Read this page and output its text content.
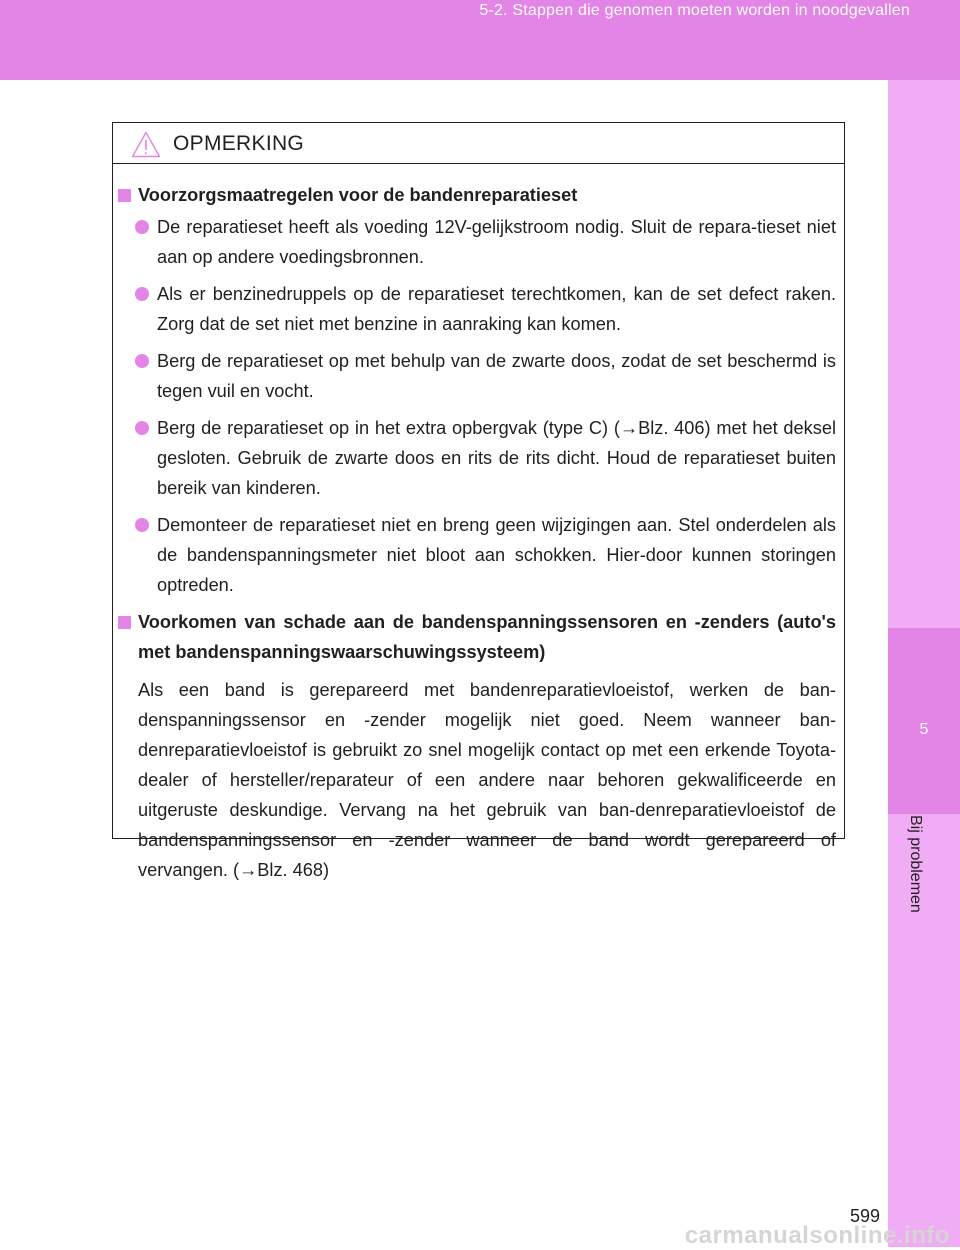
5-2. Stappen die genomen moeten worden in noodgevallen
5
Bij problemen
OPMERKING
Voorzorgsmaatregelen voor de bandenreparatieset
De reparatieset heeft als voeding 12V-gelijkstroom nodig. Sluit de repara-tieset niet aan op andere voedingsbronnen.
Als er benzinedruppels op de reparatieset terechtkomen, kan de set defect raken. Zorg dat de set niet met benzine in aanraking kan komen.
Berg de reparatieset op met behulp van de zwarte doos, zodat de set beschermd is tegen vuil en vocht.
Berg de reparatieset op in het extra opbergvak (type C) (→Blz. 406) met het deksel gesloten. Gebruik de zwarte doos en rits de rits dicht. Houd de reparatieset buiten bereik van kinderen.
Demonteer de reparatieset niet en breng geen wijzigingen aan. Stel onderdelen als de bandenspanningsmeter niet bloot aan schokken. Hier-door kunnen storingen optreden.
Voorkomen van schade aan de bandenspanningssensoren en -zenders (auto's met bandenspanningswaarschuwingssysteem)
Als een band is gerepareerd met bandenreparatievloeistof, werken de ban-denspanningssensor en -zender mogelijk niet goed. Neem wanneer ban-denreparatievloeistof is gebruikt zo snel mogelijk contact op met een erkende Toyota-dealer of hersteller/reparateur of een andere naar behoren gekwalificeerde en uitgeruste deskundige. Vervang na het gebruik van ban-denreparatievloeistof de bandenspanningssensor en -zender wanneer de band wordt gerepareerd of vervangen. (→Blz. 468)
599
carmanualsonline.info
